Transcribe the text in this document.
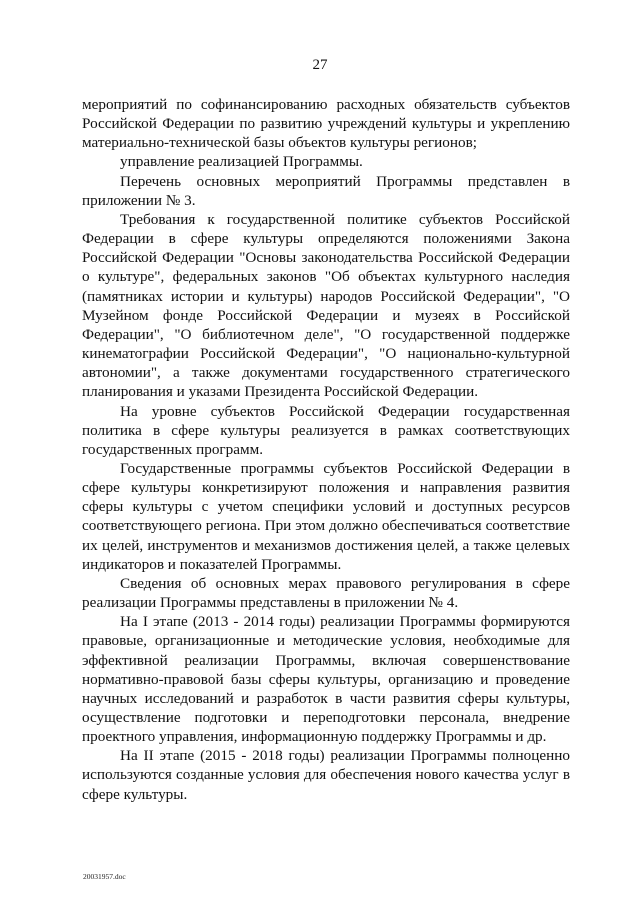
27

мероприятий по софинансированию расходных обязательств субъектов Российской Федерации по развитию учреждений культуры и укреплению материально-технической базы объектов культуры регионов;

управление реализацией Программы.

Перечень основных мероприятий Программы представлен в приложении № 3.

Требования к государственной политике субъектов Российской Федерации в сфере культуры определяются положениями Закона Российской Федерации "Основы законодательства Российской Федерации о культуре", федеральных законов "Об объектах культурного наследия (памятниках истории и культуры) народов Российской Федерации", "О Музейном фонде Российской Федерации и музеях в Российской Федерации", "О библиотечном деле", "О государственной поддержке кинематографии Российской Федерации", "О национально-культурной автономии", а также документами государственного стратегического планирования и указами Президента Российской Федерации.

На уровне субъектов Российской Федерации государственная политика в сфере культуры реализуется в рамках соответствующих государственных программ.

Государственные программы субъектов Российской Федерации в сфере культуры конкретизируют положения и направления развития сферы культуры с учетом специфики условий и доступных ресурсов соответствующего региона. При этом должно обеспечиваться соответствие их целей, инструментов и механизмов достижения целей, а также целевых индикаторов и показателей Программы.

Сведения об основных мерах правового регулирования в сфере реализации Программы представлены в приложении № 4.

На I этапе (2013 - 2014 годы) реализации Программы формируются правовые, организационные и методические условия, необходимые для эффективной реализации Программы, включая совершенствование нормативно-правовой базы сферы культуры, организацию и проведение научных исследований и разработок в части развития сферы культуры, осуществление подготовки и переподготовки персонала, внедрение проектного управления, информационную поддержку Программы и др.

На II этапе (2015 - 2018 годы) реализации Программы полноценно используются созданные условия для обеспечения нового качества услуг в сфере культуры.

20031957.doc
